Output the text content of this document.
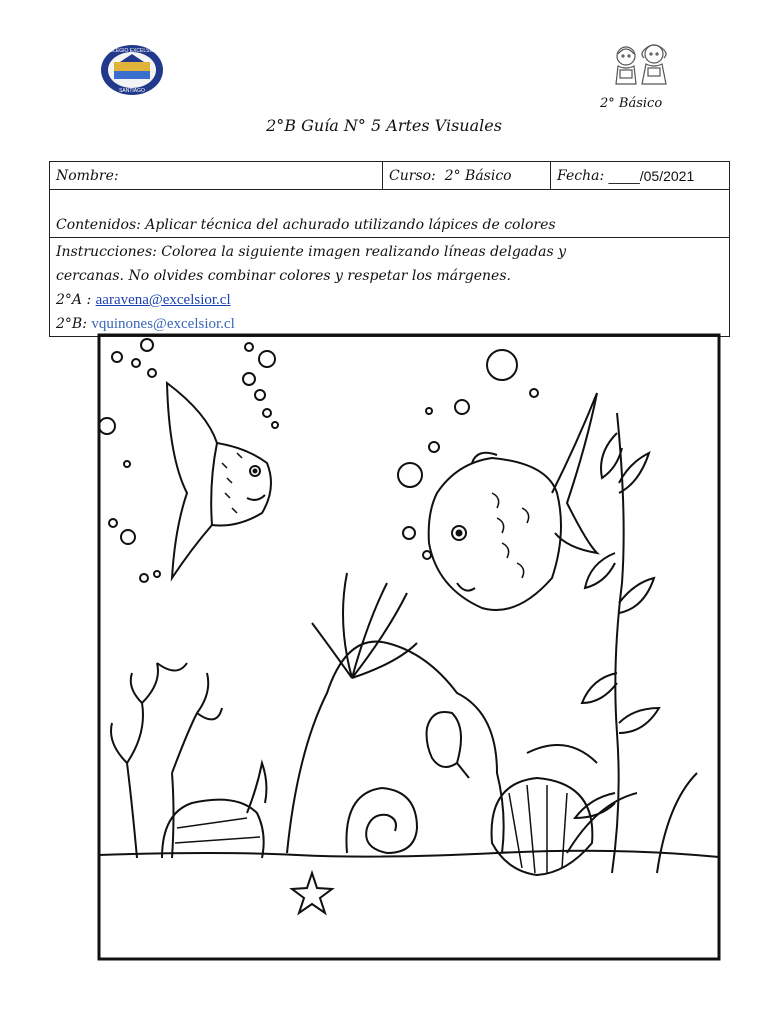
COLEGIO EXCELSIOR
SANTIAGO
2° Básico
2°B Guía N° 5 Artes Visuales
Nombre:	Curso:
2° Básico	Fecha:
____/05/2021
Contenidos: Aplicar técnica del achurado utilizando lápices de colores
Instrucciones: Colorea la siguiente imagen realizando líneas delgadas y
cercanas. No olvides combinar colores y respetar los márgenes.
2°A : aaravena@excelsior.cl
2°B: vquinones@excelsior.cl
